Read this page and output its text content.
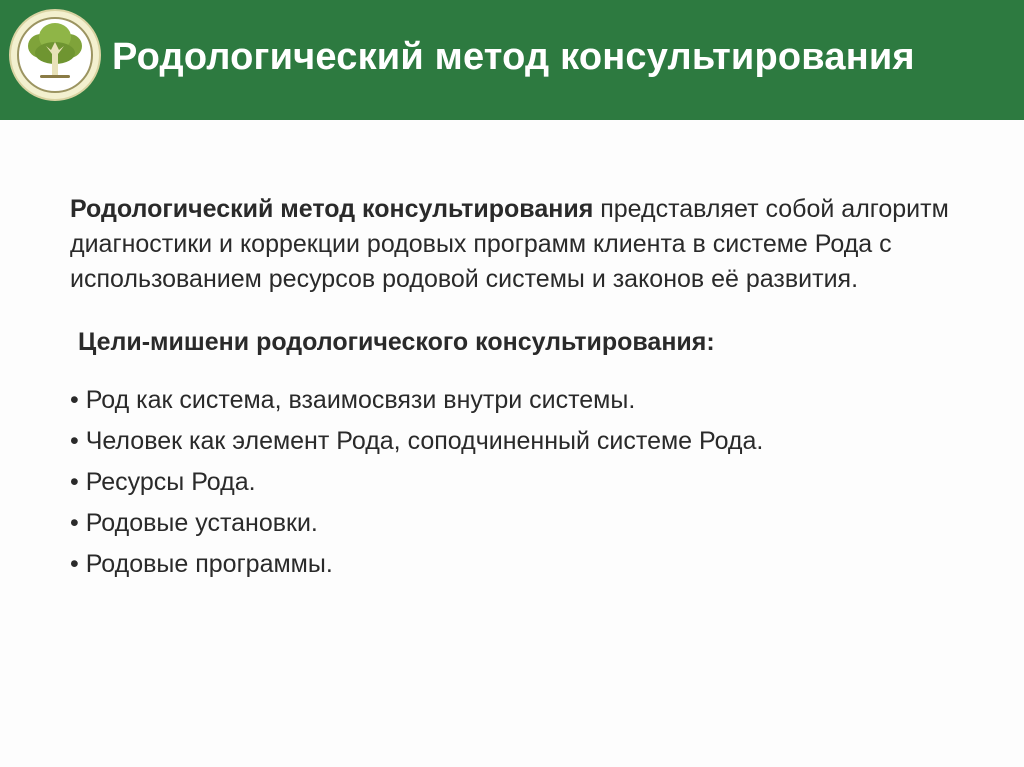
Родологический метод консультирования

Родологический метод консультирования представляет собой алгоритм диагностики и коррекции родовых программ клиента в системе Рода с использованием ресурсов родовой системы и законов её развития.

Цели-мишени родологического консультирования:
• Род как система, взаимосвязи внутри системы.
• Человек как элемент Рода, соподчиненный системе Рода.
• Ресурсы Рода.
• Родовые установки.
• Родовые программы.
